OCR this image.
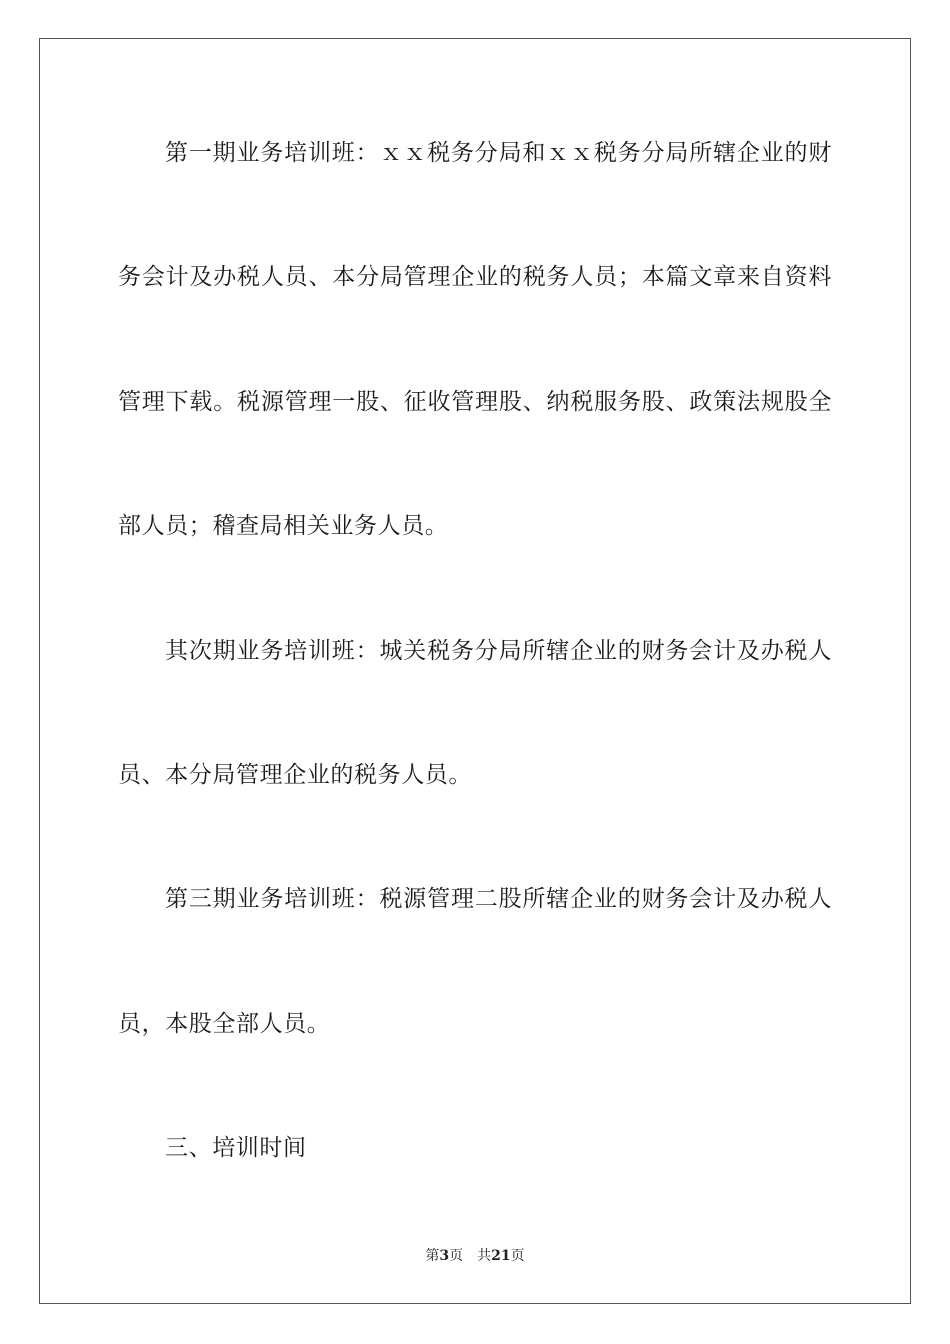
第一期业务培训班：ｘｘ税务分局和ｘｘ税务分局所辖企业的财
务会计及办税人员、本分局管理企业的税务人员；本篇文章来自资料
管理下载。税源管理一股、征收管理股、纳税服务股、政策法规股全
部人员；稽查局相关业务人员。
其次期业务培训班：城关税务分局所辖企业的财务会计及办税人
员、本分局管理企业的税务人员。
第三期业务培训班：税源管理二股所辖企业的财务会计及办税人
员，本股全部人员。
三、培训时间
第3页 共21页
